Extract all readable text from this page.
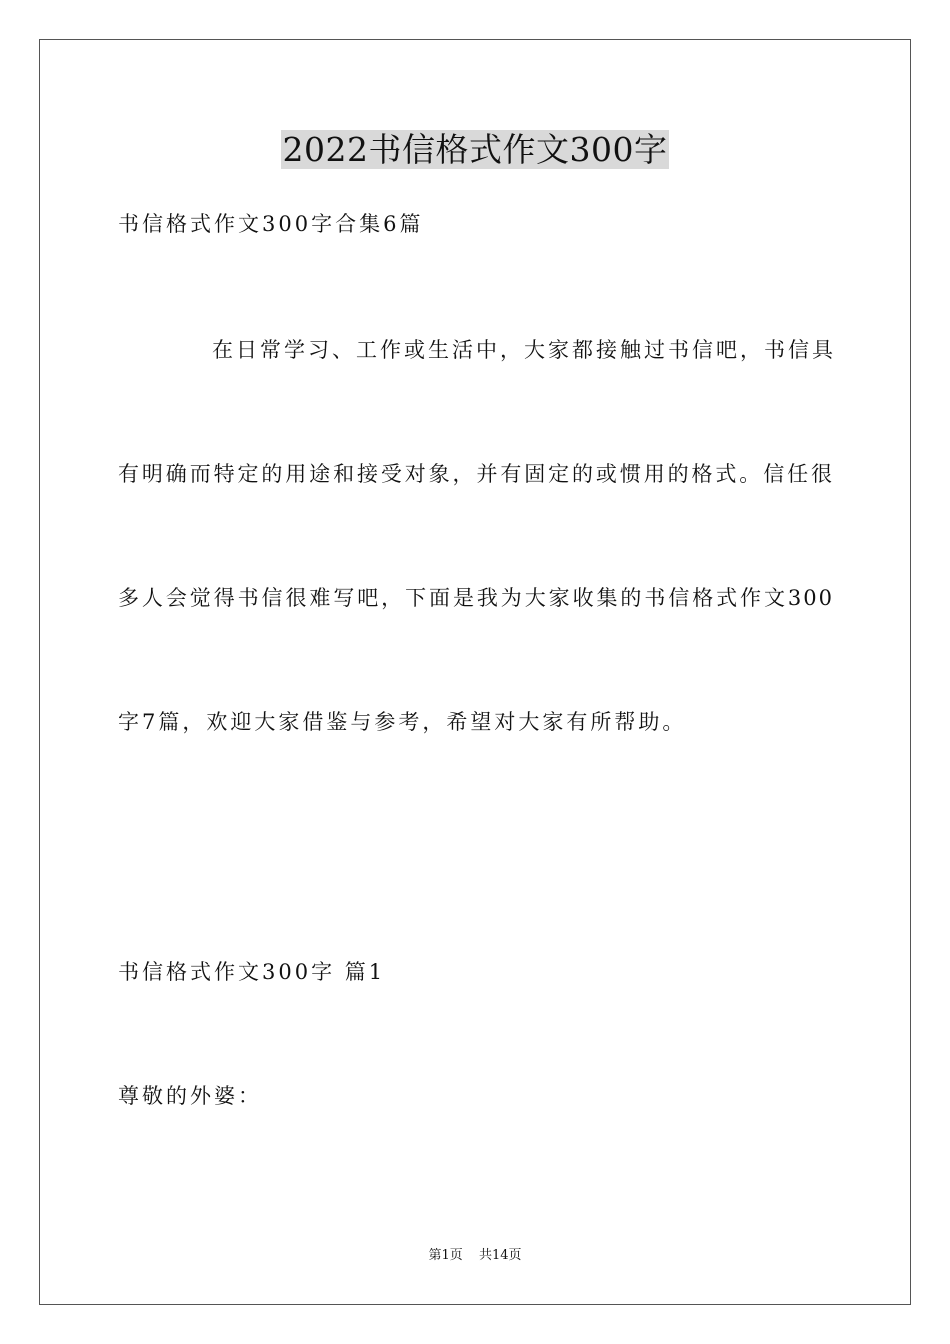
2022书信格式作文300字
书信格式作文300字合集6篇
在日常学习、工作或生活中，大家都接触过书信吧，书信具
有明确而特定的用途和接受对象，并有固定的或惯用的格式。信任很
多人会觉得书信很难写吧，下面是我为大家收集的书信格式作文300
字7篇，欢迎大家借鉴与参考，希望对大家有所帮助。
书信格式作文300字 篇1
尊敬的外婆：
第1页 共14页
